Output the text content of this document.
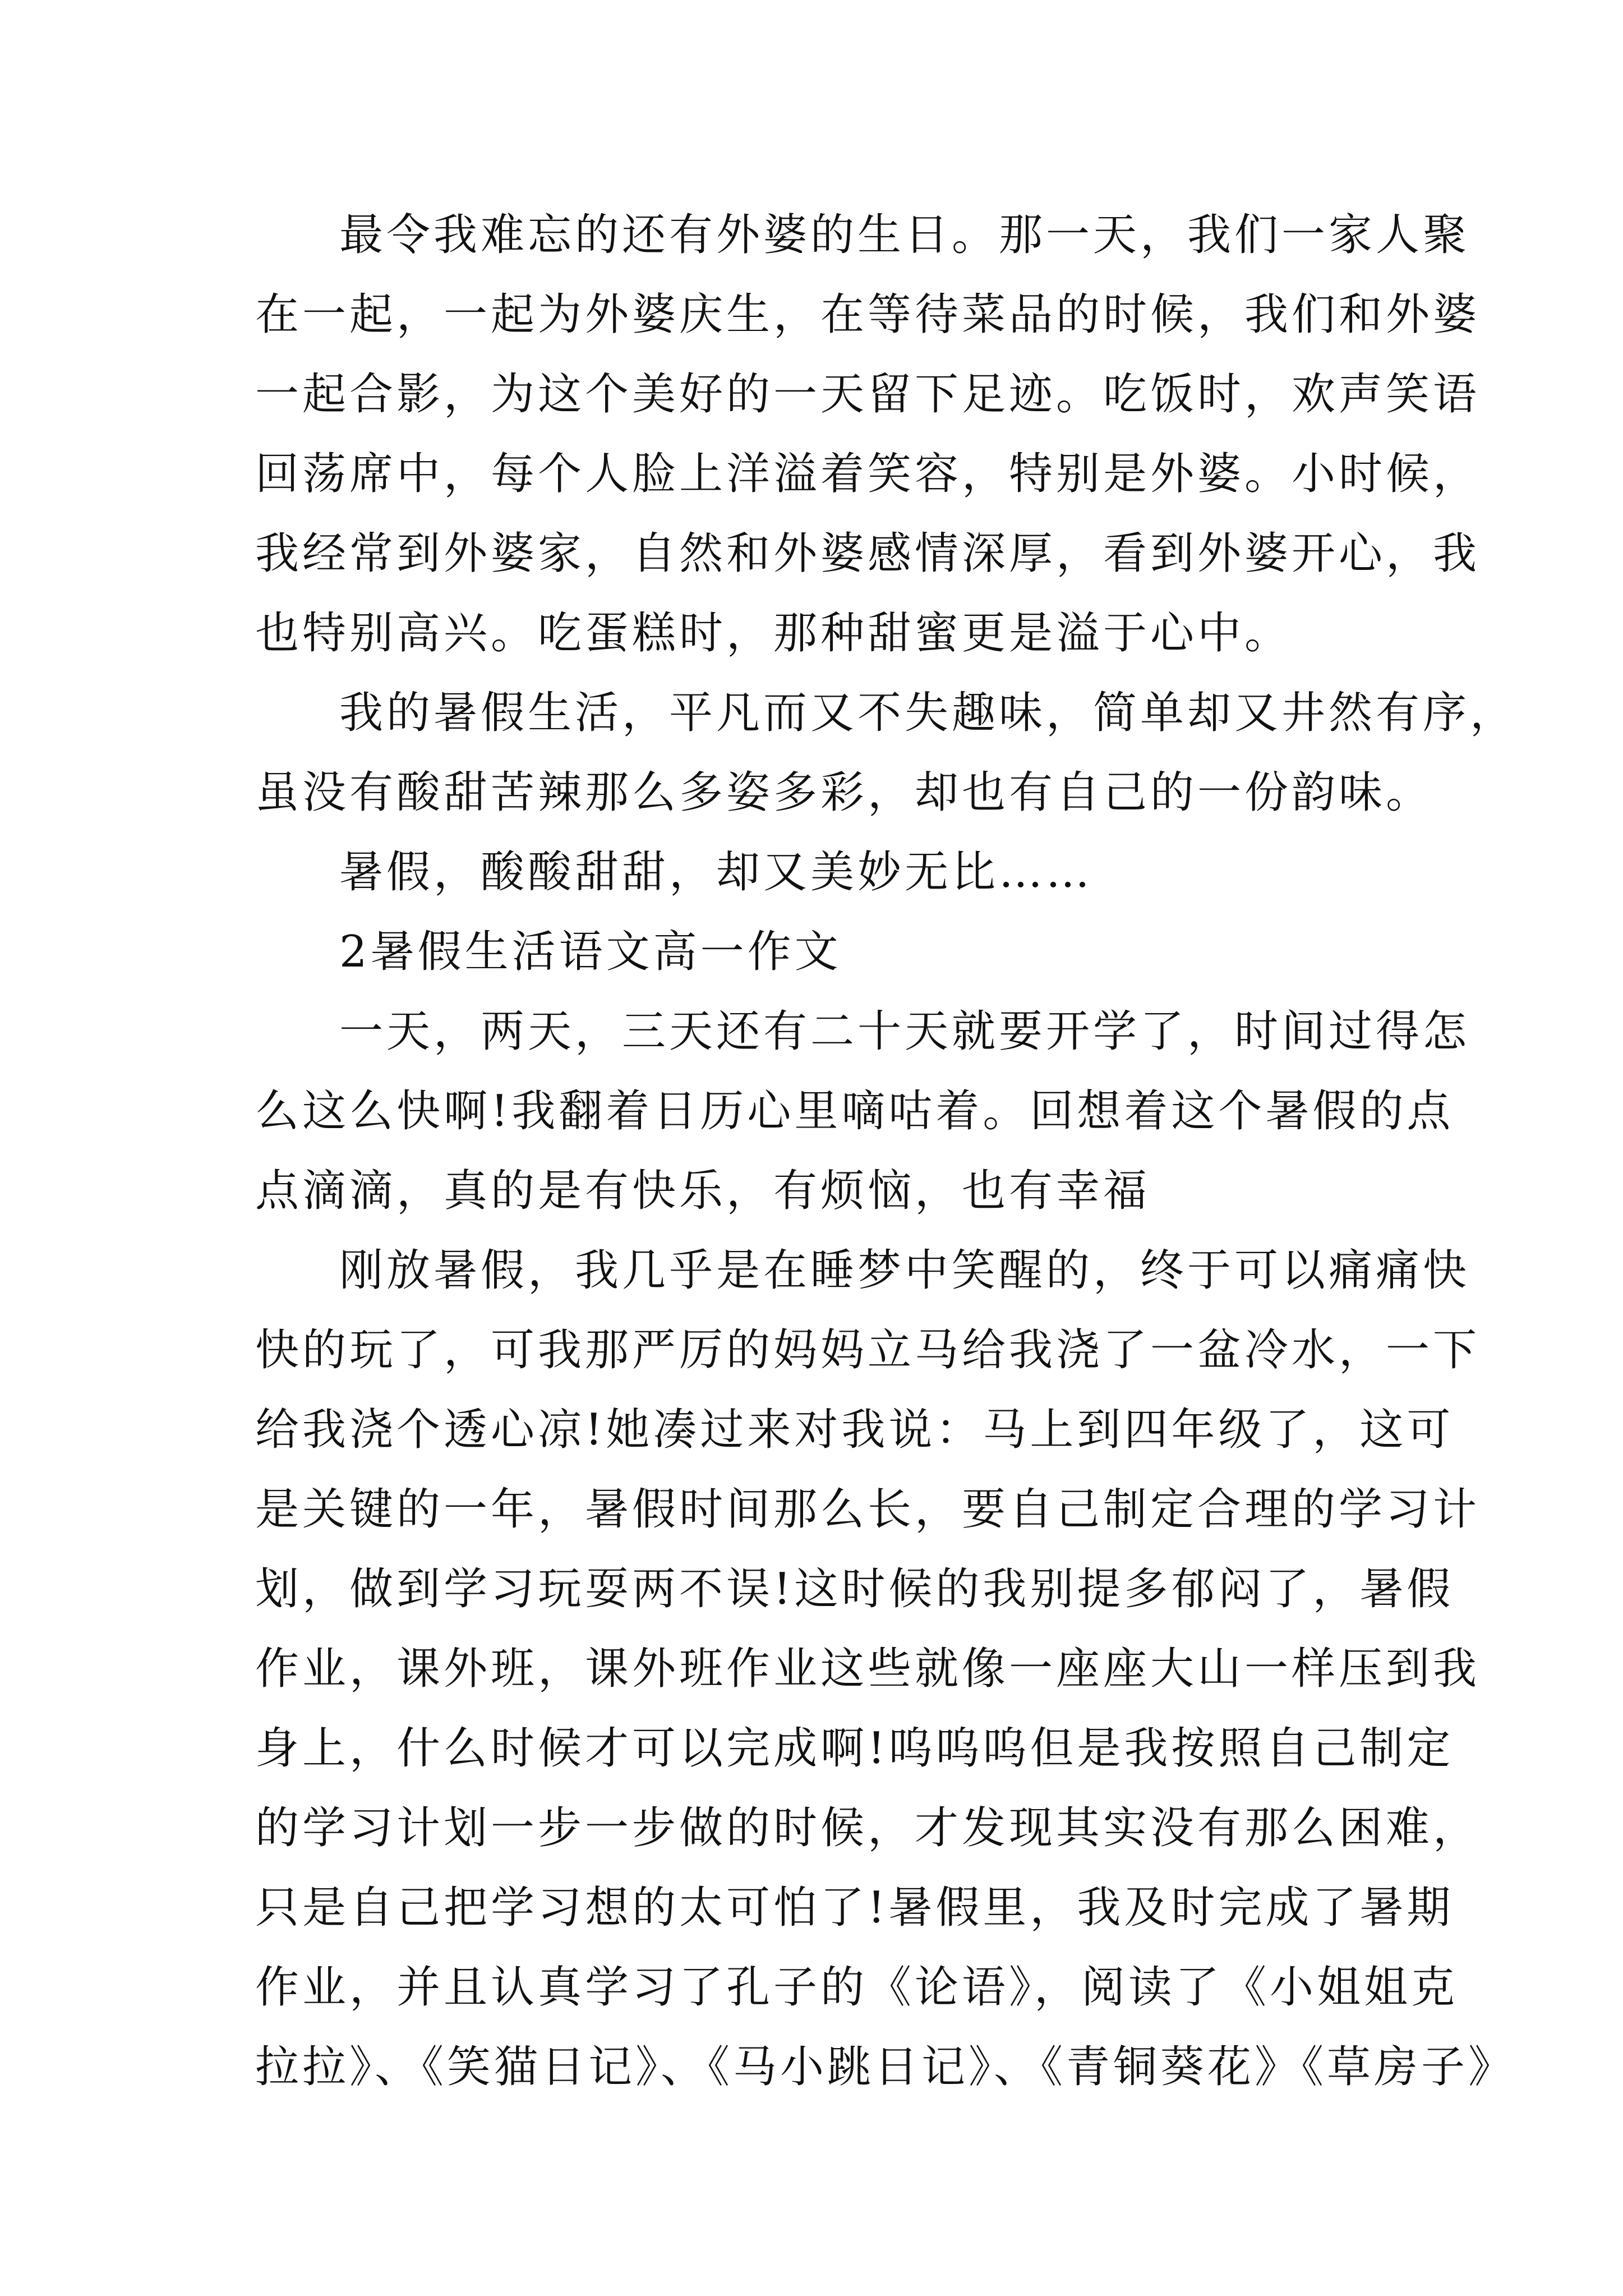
最令我难忘的还有外婆的生日。那一天，我们一家人聚
在一起，一起为外婆庆生，在等待菜品的时候，我们和外婆
一起合影，为这个美好的一天留下足迹。吃饭时，欢声笑语
回荡席中，每个人脸上洋溢着笑容，特别是外婆。小时候，
我经常到外婆家，自然和外婆感情深厚，看到外婆开心，我
也特别高兴。吃蛋糕时，那种甜蜜更是溢于心中。
我的暑假生活，平凡而又不失趣味，简单却又井然有序，
虽没有酸甜苦辣那么多姿多彩，却也有自己的一份韵味。
暑假，酸酸甜甜，却又美妙无比……
2暑假生活语文高一作文
一天，两天，三天还有二十天就要开学了，时间过得怎
么这么快啊!我翻着日历心里嘀咕着。回想着这个暑假的点
点滴滴，真的是有快乐，有烦恼，也有幸福
刚放暑假，我几乎是在睡梦中笑醒的，终于可以痛痛快
快的玩了，可我那严厉的妈妈立马给我浇了一盆冷水，一下
给我浇个透心凉!她凑过来对我说：马上到四年级了，这可
是关键的一年，暑假时间那么长，要自己制定合理的学习计
划，做到学习玩耍两不误!这时候的我别提多郁闷了，暑假
作业，课外班，课外班作业这些就像一座座大山一样压到我
身上，什么时候才可以完成啊!呜呜呜但是我按照自己制定
的学习计划一步一步做的时候，才发现其实没有那么困难，
只是自己把学习想的太可怕了!暑假里，我及时完成了暑期
作业，并且认真学习了孔子的《论语》，阅读了《小姐姐克
拉拉》、《笑猫日记》、《马小跳日记》、《青铜葵花》《草房子》
